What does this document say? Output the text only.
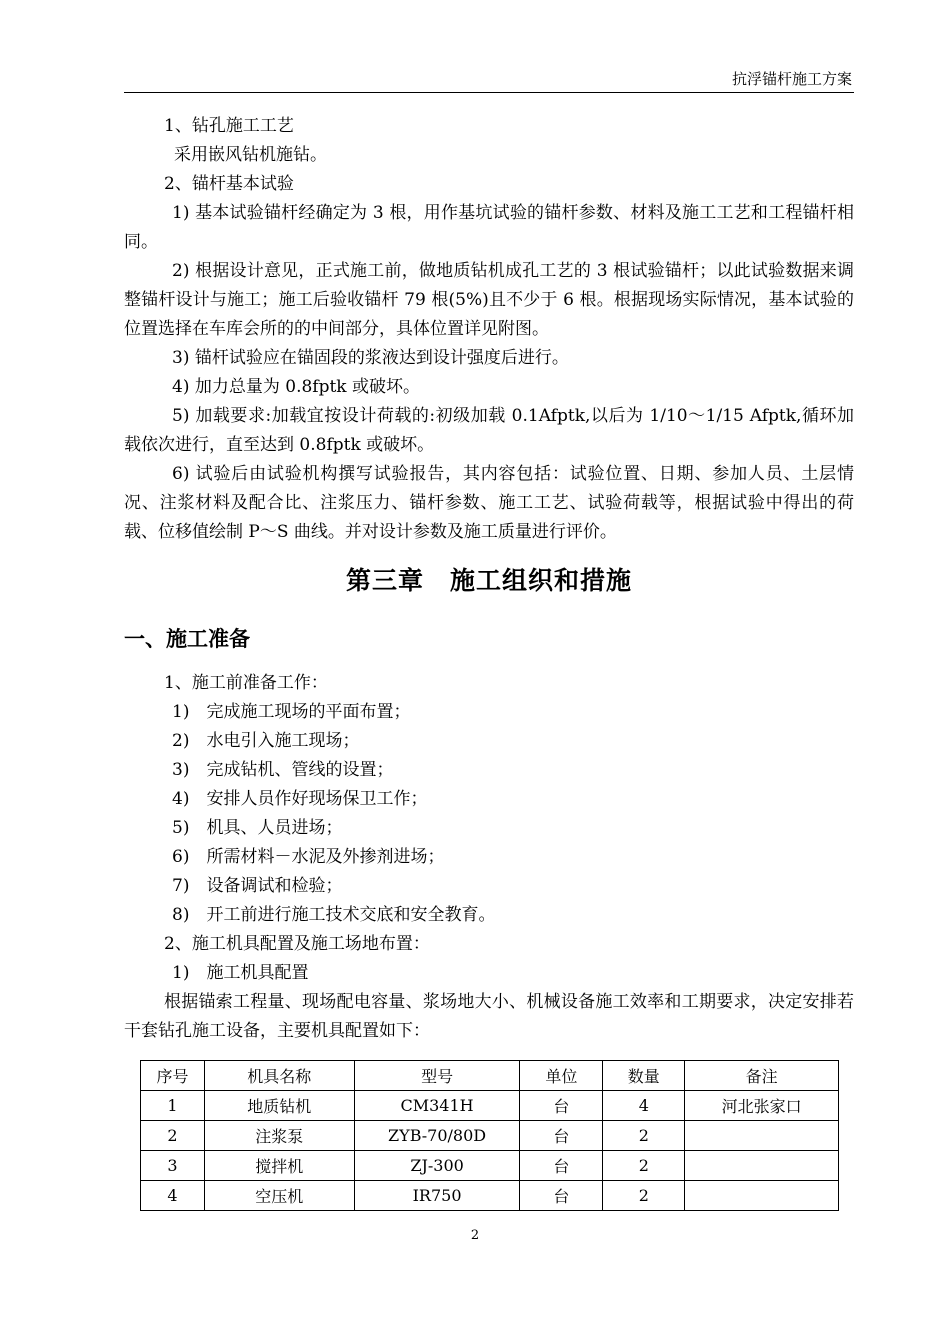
抗浮锚杆施工方案

1、钻孔施工工艺

采用嵌风钻机施钻。

2、锚杆基本试验

1) 基本试验锚杆经确定为 3 根，用作基坑试验的锚杆参数、材料及施工工艺和工程锚杆相同。

2) 根据设计意见，正式施工前，做地质钻机成孔工艺的 3 根试验锚杆；以此试验数据来调整锚杆设计与施工；施工后验收锚杆 79 根(5%)且不少于 6 根。根据现场实际情况，基本试验的位置选择在车库会所的的中间部分，具体位置详见附图。

3) 锚杆试验应在锚固段的浆液达到设计强度后进行。

4) 加力总量为 0.8fptk 或破坏。

5) 加载要求:加载宜按设计荷载的:初级加载 0.1Afptk,以后为 1/10～1/15 Afptk,循环加载依次进行，直至达到 0.8fptk 或破坏。

6) 试验后由试验机构撰写试验报告，其内容包括：试验位置、日期、参加人员、土层情况、注浆材料及配合比、注浆压力、锚杆参数、施工工艺、试验荷载等，根据试验中得出的荷载、位移值绘制 P～S 曲线。并对设计参数及施工质量进行评价。

第三章　施工组织和措施
一、施工准备

1、施工前准备工作：

1)　完成施工现场的平面布置；

2)　水电引入施工现场；

3)　完成钻机、管线的设置；

4)　安排人员作好现场保卫工作；

5)　机具、人员进场；

6)　所需材料－水泥及外掺剂进场；

7)　设备调试和检验；

8)　开工前进行施工技术交底和安全教育。

2、施工机具配置及施工场地布置：

1)　施工机具配置

根据锚索工程量、现场配电容量、浆场地大小、机械设备施工效率和工期要求，决定安排若干套钻孔施工设备，主要机具配置如下：

序号	机具名称	型号	单位	数量	备注
1	地质钻机	CM341H	台	4	河北张家口
2	注浆泵	ZYB-70/80D	台	2	
3	搅拌机	ZJ-300	台	2	
4	空压机	IR750	台	2	
2
